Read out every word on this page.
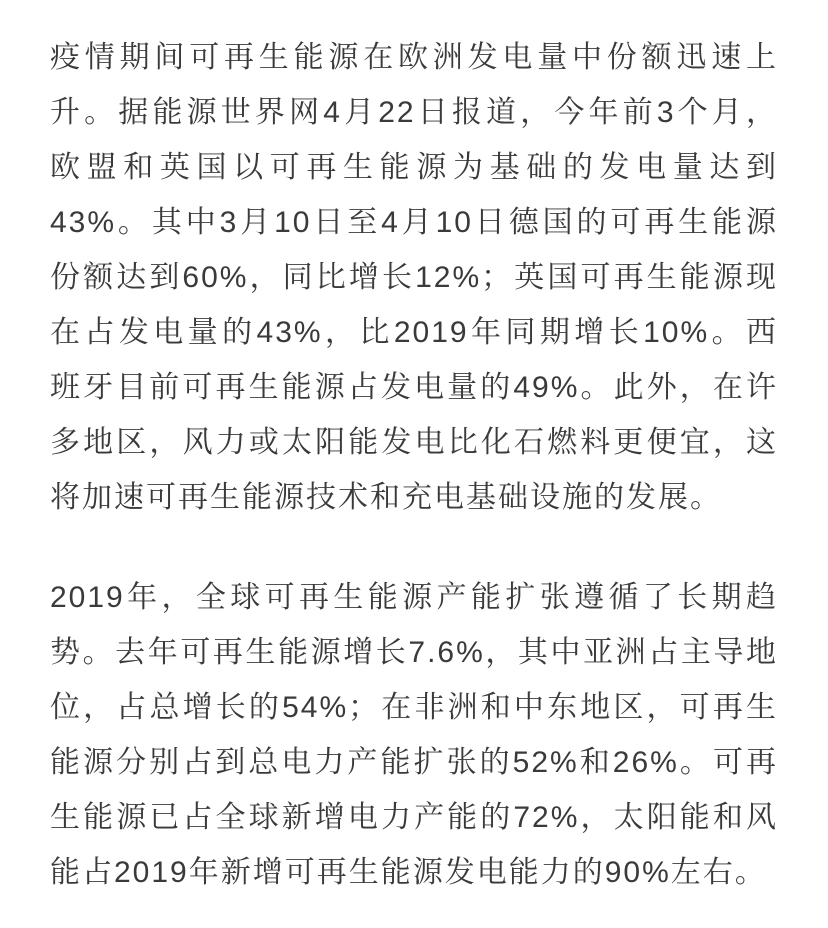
疫情期间可再生能源在欧洲发电量中份额迅速上
升。据能源世界网4月22日报道，今年前3个月，
欧盟和英国以可再生能源为基础的发电量达到
43%。其中3月10日至4月10日德国的可再生能源
份额达到60%，同比增长12%；英国可再生能源现
在占发电量的43%，比2019年同期增长10%。西
班牙目前可再生能源占发电量的49%。此外，在许
多地区，风力或太阳能发电比化石燃料更便宜，这
将加速可再生能源技术和充电基础设施的发展。
2019年，全球可再生能源产能扩张遵循了长期趋
势。去年可再生能源增长7.6%，其中亚洲占主导地
位，占总增长的54%；在非洲和中东地区，可再生
能源分别占到总电力产能扩张的52%和26%。可再
生能源已占全球新增电力产能的72%，太阳能和风
能占2019年新增可再生能源发电能力的90%左右。
